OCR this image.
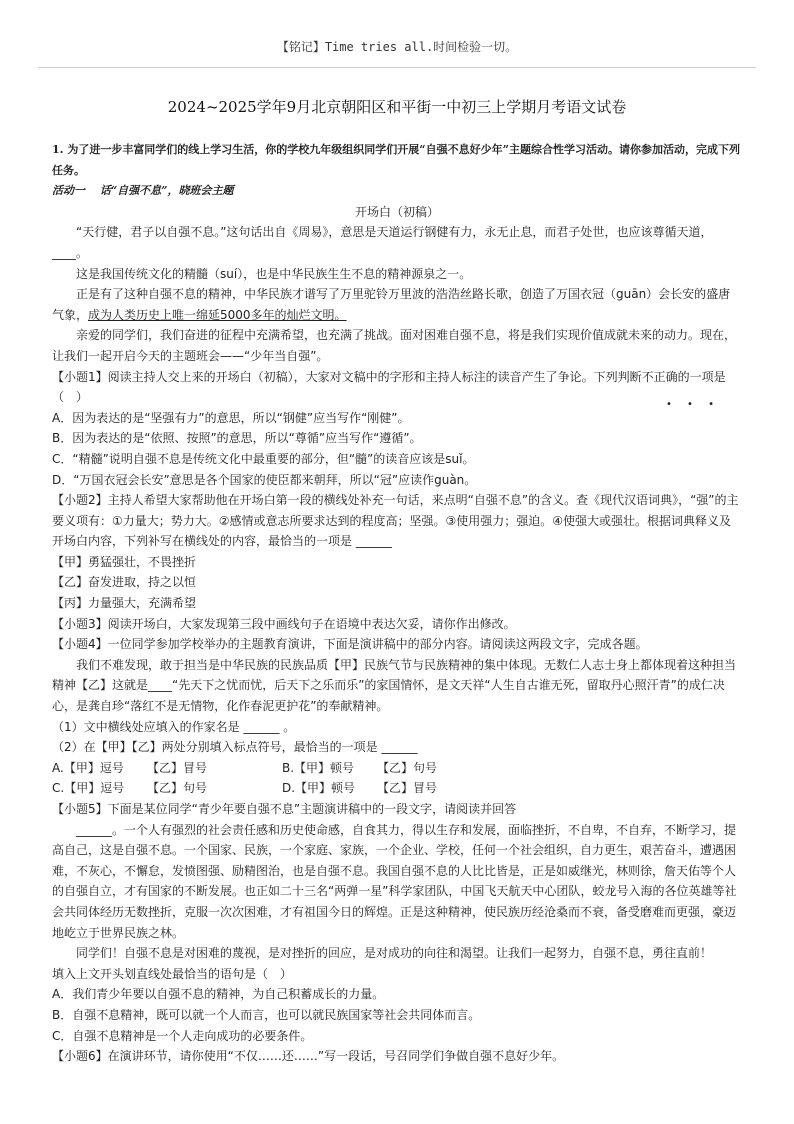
【铭记】Time tries all.时间检验一切。
2024~2025学年9月北京朝阳区和平街一中初三上学期月考语文试卷

1. 为了进一步丰富同学们的线上学习生活，你的学校九年级组织同学们开展“自强不息好少年”主题综合性学习活动。请你参加活动，完成下列任务。

活动一　 话“自强不息”，晓班会主题

开场白（初稿）

“天行健，君子以自强不息。”这句话出自《周易》，意思是天道运行钢健有力，永无止息，而君子处世，也应该尊循天道，
____。

这是我国传统文化的精髓（suí），也是中华民族生生不息的精神源泉之一。

正是有了这种自强不息的精神，中华民族才谱写了万里驼铃万里波的浩浩丝路长歌，创造了万国衣冠（guān）会长安的盛唐气象，成为人类历史上唯一绵延5000多年的灿烂文明。

亲爱的同学们，我们奋进的征程中充满希望，也充满了挑战。面对困难自强不息，将是我们实现价值成就未来的动力。现在，让我们一起开启今天的主题班会——“少年当自强”。

【小题1】阅读主持人交上来的开场白（初稿），大家对文稿中的字形和主持人标注的读音产生了争论。下列判断不正确的一项是（　）

• • •

A．因为表达的是“坚强有力”的意思，所以“钢健”应当写作“刚健”。

B．因为表达的是“依照、按照”的意思，所以“尊循”应当写作“遵循”。

C．“精髓”说明自强不息是传统文化中最重要的部分，但“髓”的读音应该是suǐ。

D．“万国衣冠会长安”意思是各个国家的使臣都来朝拜，所以“冠”应读作guàn。

【小题2】主持人希望大家帮助他在开场白第一段的横线处补充一句话，来点明“自强不息”的含义。查《现代汉语词典》，“强”的主要义项有：①力量大；势力大。②感情或意志所要求达到的程度高；坚强。③使用强力；强迫。④使强大或强壮。根据词典释义及开场白内容，下列补写在横线处的内容，最恰当的一项是 ______

【甲】勇猛强壮，不畏挫折

【乙】奋发进取，持之以恒

【丙】力量强大，充满希望

【小题3】阅读开场白，大家发现第三段中画线句子在语境中表达欠妥，请你作出修改。

【小题4】一位同学参加学校举办的主题教育演讲，下面是演讲稿中的部分内容。请阅读这两段文字，完成各题。

我们不难发现，敢于担当是中华民族的民族品质【甲】民族气节与民族精神的集中体现。无数仁人志士身上都体现着这种担当精神【乙】这就是____“先天下之忧而忧，后天下之乐而乐”的家国情怀，是文天祥“人生自古谁无死，留取丹心照汗青”的成仁决心，是龚自珍“落红不是无情物，化作春泥更护花”的奉献精神。

（1）文中横线处应填入的作家名是 ______ 。

（2）在【甲】【乙】两处分别填入标点符号，最恰当的一项是 ______

A.【甲】逗号	【乙】冒号	B.【甲】顿号	【乙】句号

C.【甲】逗号	【乙】句号	D.【甲】顿号	【乙】冒号

【小题5】下面是某位同学“青少年要自强不息”主题演讲稿中的一段文字，请阅读并回答

______。一个人有强烈的社会责任感和历史使命感，自食其力，得以生存和发展，面临挫折，不自卑，不自弃，不断学习，提高自己，这是自强不息。一个国家、民族，一个家庭、家族，一个企业、学校，任何一个社会组织，自力更生，艰苦奋斗，遭遇困难，不灰心，不懈怠，发愤图强、励精图治，也是自强不息。我国自强不息的人比比皆是，正是如威继光，林则徐，詹天佑等个人的自强自立，才有国家的不断发展。也正如二十三名“两弹一星”科学家团队，中国飞天航天中心团队，蛟龙号入海的各位英雄等社会共同体经历无数挫折，克服一次次困难，才有祖国今日的辉煌。正是这种精神，使民族历经沧桑而不衰，备受磨难而更强，豪迈地屹立于世界民族之林。

同学们！自强不息是对困难的蔑视，是对挫折的回应，是对成功的向往和渴望。让我们一起努力，自强不息，勇往直前！

填入上文开头划直线处最恰当的语句是（　）

A．我们青少年要以自强不息的精神，为自己积蓄成长的力量。

B．自强不息精神，既可以就一个人而言，也可以就民族国家等社会共同体而言。

C．自强不息精神是一个人走向成功的必要条件。

【小题6】在演讲环节，请你使用“不仅……还……”写一段话，号召同学们争做自强不息好少年。
